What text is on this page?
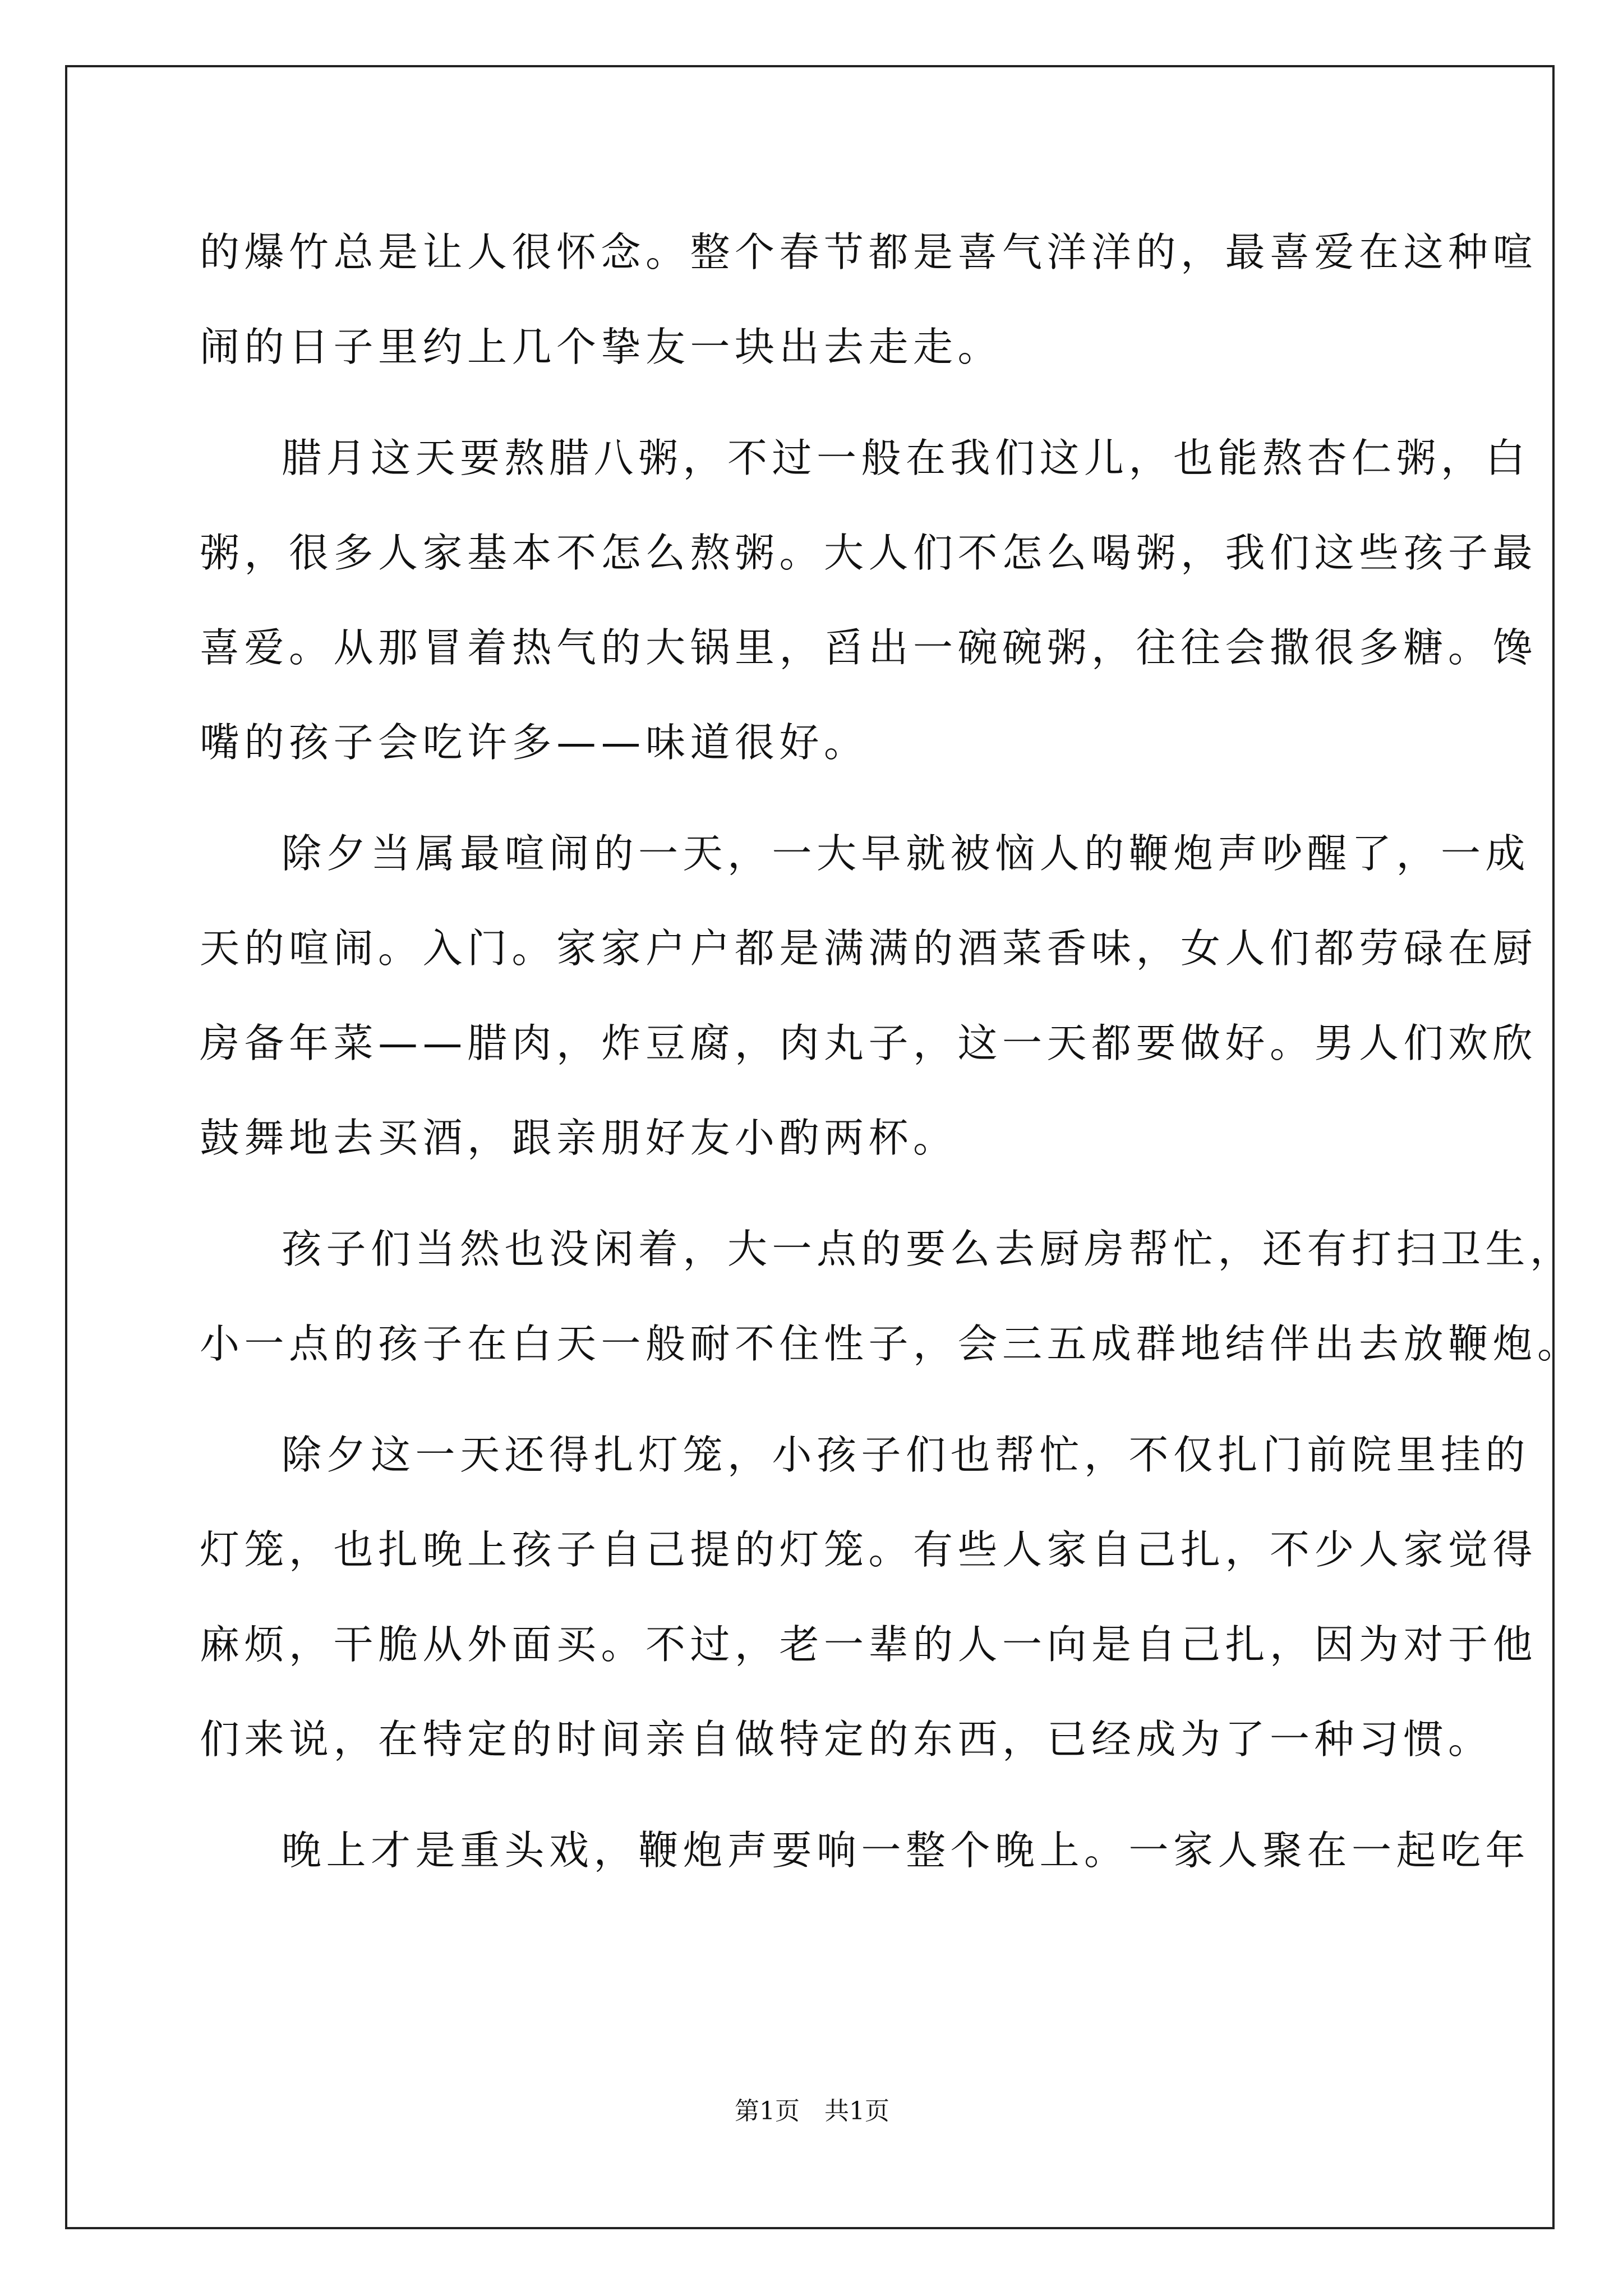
的爆竹总是让人很怀念。整个春节都是喜气洋洋的，最喜爱在这种喧
闹的日子里约上几个挚友一块出去走走。
腊月这天要熬腊八粥，不过一般在我们这儿，也能熬杏仁粥，白
粥，很多人家基本不怎么熬粥。大人们不怎么喝粥，我们这些孩子最
喜爱。从那冒着热气的大锅里，舀出一碗碗粥，往往会撒很多糖。馋
嘴的孩子会吃许多——味道很好。
除夕当属最喧闹的一天，一大早就被恼人的鞭炮声吵醒了，一成
天的喧闹。入门。家家户户都是满满的酒菜香味，女人们都劳碌在厨
房备年菜——腊肉，炸豆腐，肉丸子，这一天都要做好。男人们欢欣
鼓舞地去买酒，跟亲朋好友小酌两杯。
孩子们当然也没闲着，大一点的要么去厨房帮忙，还有打扫卫生，
小一点的孩子在白天一般耐不住性子，会三五成群地结伴出去放鞭炮。
除夕这一天还得扎灯笼，小孩子们也帮忙，不仅扎门前院里挂的
灯笼，也扎晚上孩子自己提的灯笼。有些人家自己扎，不少人家觉得
麻烦，干脆从外面买。不过，老一辈的人一向是自己扎，因为对于他
们来说，在特定的时间亲自做特定的东西，已经成为了一种习惯。
晚上才是重头戏，鞭炮声要响一整个晚上。一家人聚在一起吃年
第1页　共1页
